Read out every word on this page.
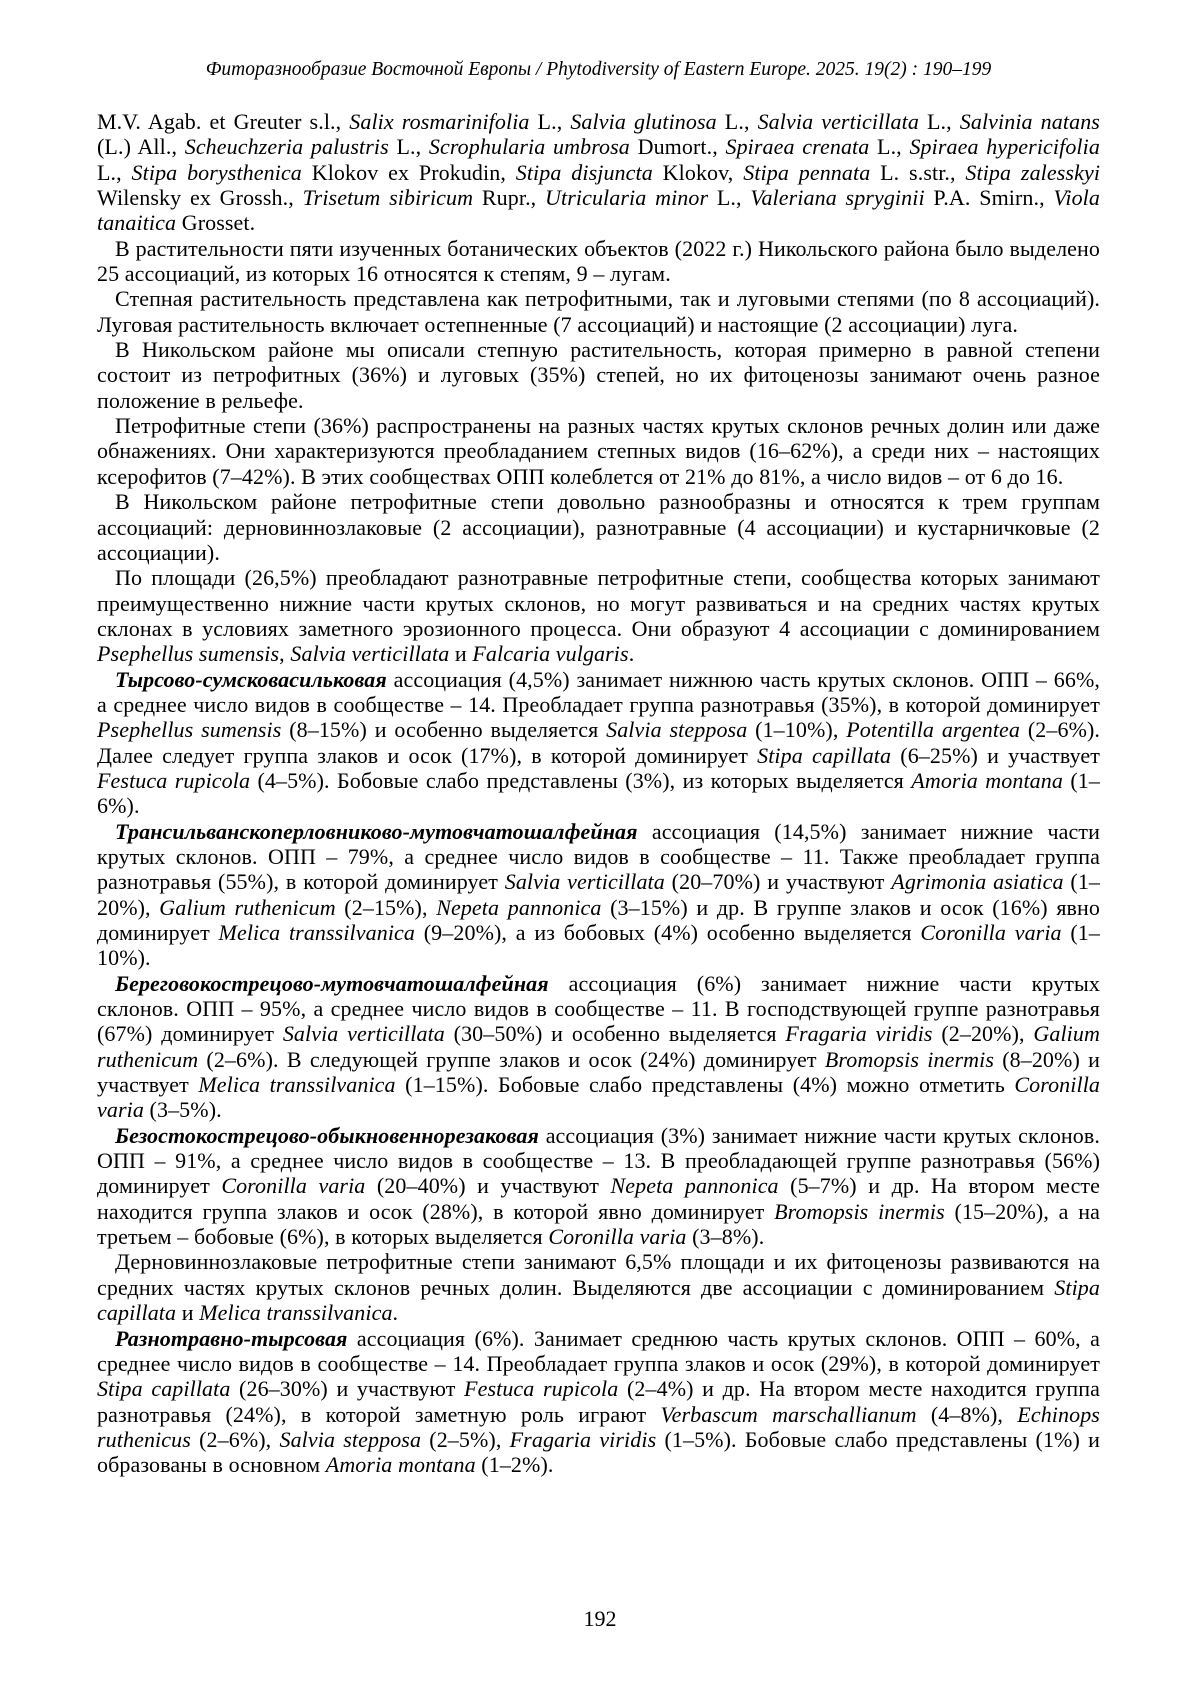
Фиторазнообразие Восточной Европы / Phytodiversity of Eastern Europe. 2025. 19(2) : 190–199

M.V. Agab. et Greuter s.l., Salix rosmarinifolia L., Salvia glutinosa L., Salvia verticillata L., Salvinia natans (L.) All., Scheuchzeria palustris L., Scrophularia umbrosa Dumort., Spiraea crenata L., Spiraea hypericifolia L., Stipa borysthenica Klokov ex Prokudin, Stipa disjuncta Klokov, Stipa pennata L. s.str., Stipa zalesskyi Wilensky ex Grossh., Trisetum sibiricum Rupr., Utricularia minor L., Valeriana spryginii P.A. Smirn., Viola tanaitica Grosset.

В растительности пяти изученных ботанических объектов (2022 г.) Никольского района было выделено 25 ассоциаций, из которых 16 относятся к степям, 9 – лугам.

Степная растительность представлена как петрофитными, так и луговыми степями (по 8 ассоциаций). Луговая растительность включает остепненные (7 ассоциаций) и настоящие (2 ассоциации) луга.

В Никольском районе мы описали степную растительность, которая примерно в равной степени состоит из петрофитных (36%) и луговых (35%) степей, но их фитоценозы занимают очень разное положение в рельефе.

Петрофитные степи (36%) распространены на разных частях крутых склонов речных долин или даже обнажениях. Они характеризуются преобладанием степных видов (16–62%), а среди них – настоящих ксерофитов (7–42%). В этих сообществах ОПП колеблется от 21% до 81%, а число видов – от 6 до 16.

В Никольском районе петрофитные степи довольно разнообразны и относятся к трем группам ассоциаций: дерновиннозлаковые (2 ассоциации), разнотравные (4 ассоциации) и кустарничковые (2 ассоциации).

По площади (26,5%) преобладают разнотравные петрофитные степи, сообщества которых занимают преимущественно нижние части крутых склонов, но могут развиваться и на средних частях крутых склонах в условиях заметного эрозионного процесса. Они образуют 4 ассоциации с доминированием Psephellus sumensis, Salvia verticillata и Falcaria vulgaris.

Тырсово-сумсковасильковая ассоциация (4,5%) занимает нижнюю часть крутых склонов. ОПП – 66%, а среднее число видов в сообществе – 14. Преобладает группа разнотравья (35%), в которой доминирует Psephellus sumensis (8–15%) и особенно выделяется Salvia stepposa (1–10%), Potentilla argentea (2–6%). Далее следует группа злаков и осок (17%), в которой доминирует Stipa capillata (6–25%) и участвует Festuca rupicola (4–5%). Бобовые слабо представлены (3%), из которых выделяется Amoria montana (1–6%).

Трансильванскоперловниково-мутовчатошалфейная ассоциация (14,5%) занимает нижние части крутых склонов. ОПП – 79%, а среднее число видов в сообществе – 11. Также преобладает группа разнотравья (55%), в которой доминирует Salvia verticillata (20–70%) и участвуют Agrimonia asiatica (1–20%), Galium ruthenicum (2–15%), Nepeta pannonica (3–15%) и др. В группе злаков и осок (16%) явно доминирует Melica transsilvanica (9–20%), а из бобовых (4%) особенно выделяется Coronilla varia (1–10%).

Береговокострецово-мутовчатошалфейная ассоциация (6%) занимает нижние части крутых склонов. ОПП – 95%, а среднее число видов в сообществе – 11. В господствующей группе разнотравья (67%) доминирует Salvia verticillata (30–50%) и особенно выделяется Fragaria viridis (2–20%), Galium ruthenicum (2–6%). В следующей группе злаков и осок (24%) доминирует Bromopsis inermis (8–20%) и участвует Melica transsilvanica (1–15%). Бобовые слабо представлены (4%) можно отметить Coronilla varia (3–5%).

Безостокострецово-обыкновеннорезаковая ассоциация (3%) занимает нижние части крутых склонов. ОПП – 91%, а среднее число видов в сообществе – 13. В преобладающей группе разнотравья (56%) доминирует Coronilla varia (20–40%) и участвуют Nepeta pannonica (5–7%) и др. На втором месте находится группа злаков и осок (28%), в которой явно доминирует Bromopsis inermis (15–20%), а на третьем – бобовые (6%), в которых выделяется Coronilla varia (3–8%).

Дерновиннозлаковые петрофитные степи занимают 6,5% площади и их фитоценозы развиваются на средних частях крутых склонов речных долин. Выделяются две ассоциации с доминированием Stipa capillata и Melica transsilvanica.

Разнотравно-тырсовая ассоциация (6%). Занимает среднюю часть крутых склонов. ОПП – 60%, а среднее число видов в сообществе – 14. Преобладает группа злаков и осок (29%), в которой доминирует Stipa capillata (26–30%) и участвуют Festuca rupicola (2–4%) и др. На втором месте находится группа разнотравья (24%), в которой заметную роль играют Verbascum marschallianum (4–8%), Echinops ruthenicus (2–6%), Salvia stepposa (2–5%), Fragaria viridis (1–5%). Бобовые слабо представлены (1%) и образованы в основном Amoria montana (1–2%).

192
